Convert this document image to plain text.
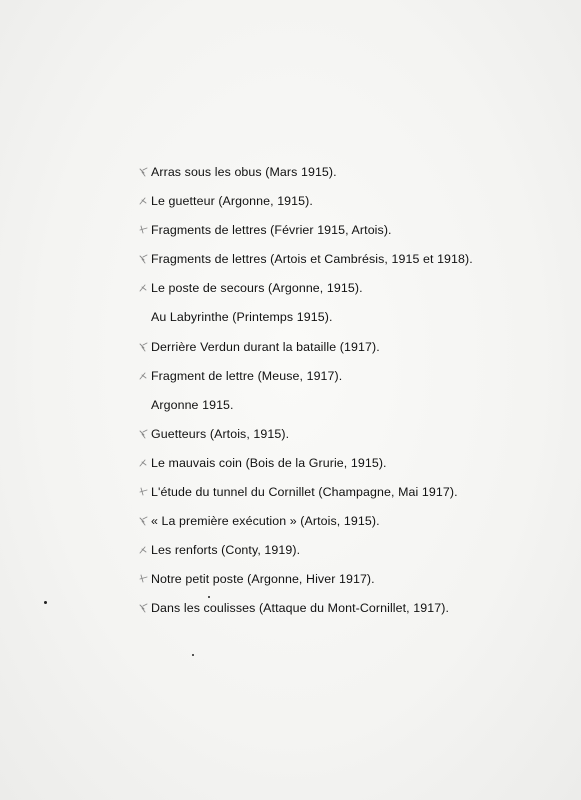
Arras sous les obus (Mars 1915).
Le guetteur (Argonne, 1915).
Fragments de lettres (Février 1915, Artois).
Fragments de lettres (Artois et Cambrésis, 1915 et 1918).
Le poste de secours (Argonne, 1915).
Au Labyrinthe (Printemps 1915).
Derrière Verdun durant la bataille (1917).
Fragment de lettre (Meuse, 1917).
Argonne 1915.
Guetteurs (Artois, 1915).
Le mauvais coin (Bois de la Grurie, 1915).
L'étude du tunnel du Cornillet (Champagne, Mai 1917).
« La première exécution » (Artois, 1915).
Les renforts (Conty, 1919).
Notre petit poste (Argonne, Hiver 1917).
Dans les coulisses (Attaque du Mont-Cornillet, 1917).
